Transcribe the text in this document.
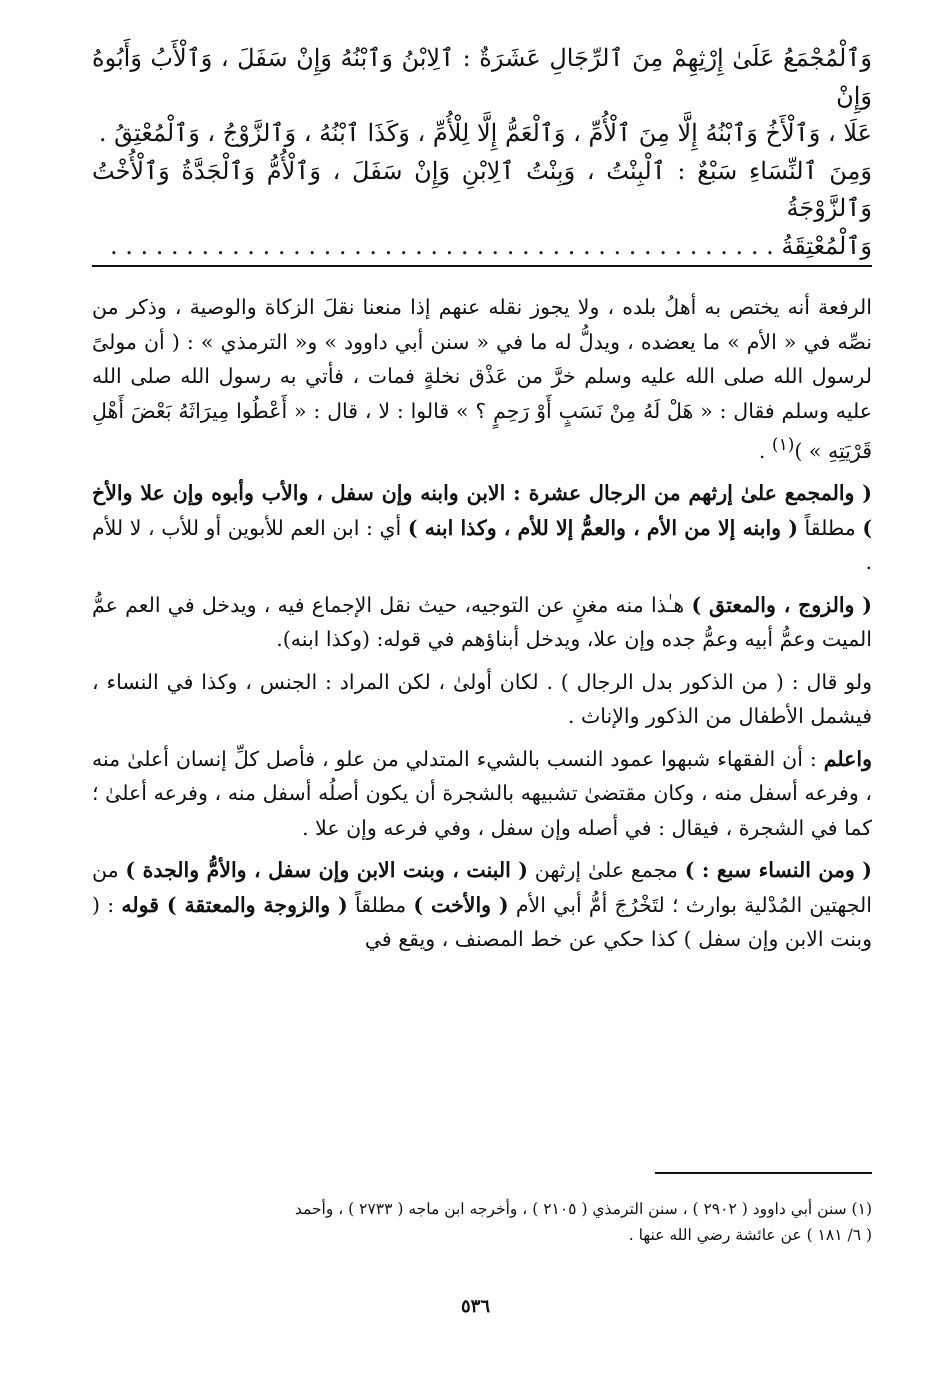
وَٱلْمُجْمَعُ عَلَىٰ إِرْثِهِمْ مِنَ ٱلرِّجَالِ عَشَرَةٌ : ٱلِابْنُ وَٱبْنُهُ وَإِنْ سَفَلَ ، وَٱلْأَبُ وَأَبُوهُ وَإِنْ

عَلَا ، وَٱلْأَخُ وَٱبْنُهُ إِلَّا مِنَ ٱلْأُمِّ ، وَٱلْعَمُّ إِلَّا لِلْأُمِّ ، وَكَذَا ٱبْنُهُ ، وَٱلزَّوْجُ ، وَٱلْمُعْتِقُ .

وَمِنَ ٱلنِّسَاءِ سَبْعٌ : ٱلْبِنْتُ ، وَبِنْتُ ٱلِابْنِ وَإِنْ سَفَلَ ، وَٱلْأُمُّ وَٱلْجَدَّةُ وَٱلْأُخْتُ وَٱلزَّوْجَةُ

وَٱلْمُعْتِقَةُ . . . . . . . . . . . . . . . . . . . . . . . . . . . . . . . . . . . . . . . . . . . .

الرفعة أنه يختص به أهلُ بلده ، ولا يجوز نقله عنهم إذا منعنا نقلَ الزكاة والوصية ، وذكر من نصِّه في « الأم » ما يعضده ، ويدلُّ له ما في « سنن أبي داوود » و« الترمذي » : ( أن مولىً لرسول الله صلى الله عليه وسلم خرَّ من عَذْق نخلةٍ فمات ، فأتي به رسول الله صلى الله عليه وسلم فقال : « هَلْ لَهُ مِنْ نَسَبٍ أَوْ رَحِمٍ ؟ » قالوا : لا ، قال : « أَعْطُوا مِيرَاثَهُ بَعْضَ أَهْلِ قَرْيَتِهِ » )$^{(١)}$ .

( والمجمع علىٰ إرثهم من الرجال عشرة : الابن وابنه وإن سفل ، والأب وأبوه وإن علا والأخ ) مطلقاً ( وابنه إلا من الأم ، والعمُّ إلا للأم ، وكذا ابنه ) أي : ابن العم للأبوين أو للأب ، لا للأم .

( والزوج ، والمعتق ) هـٰذا منه مغنٍ عن التوجيه، حيث نقل الإجماع فيه ، ويدخل في العم عمُّ الميت وعمُّ أبيه وعمُّ جده وإن علا، ويدخل أبناؤهم في قوله: (وكذا ابنه).

ولو قال : ( من الذكور بدل الرجال ) . لكان أولىٰ ، لكن المراد : الجنس ، وكذا في النساء ، فيشمل الأطفال من الذكور والإناث .

واعلم : أن الفقهاء شبهوا عمود النسب بالشيء المتدلي من علو ، فأصل كلِّ إنسان أعلىٰ منه ، وفرعه أسفل منه ، وكان مقتضىٰ تشبيهه بالشجرة أن يكون أصلُه أسفل منه ، وفرعه أعلىٰ ؛ كما في الشجرة ، فيقال : في أصله وإن سفل ، وفي فرعه وإن علا .

( ومن النساء سبع : ) مجمع علىٰ إرثهن ( البنت ، وبنت الابن وإن سفل ، والأمُّ والجدة ) من الجهتين المُدْلية بوارث ؛ لتَخْرُجَ أمُّ أبي الأم ( والأخت ) مطلقاً ( والزوجة والمعتقة ) قوله : ( وبنت الابن وإن سفل ) كذا حكي عن خط المصنف ، ويقع في

(١) سنن أبي داوود ( ٢٩٠٢ ) ، سنن الترمذي ( ٢١٠٥ ) ، وأخرجه ابن ماجه ( ٢٧٣٣ ) ، وأحمد

( ٦/ ١٨١ ) عن عائشة رضي الله عنها .

٥٣٦
